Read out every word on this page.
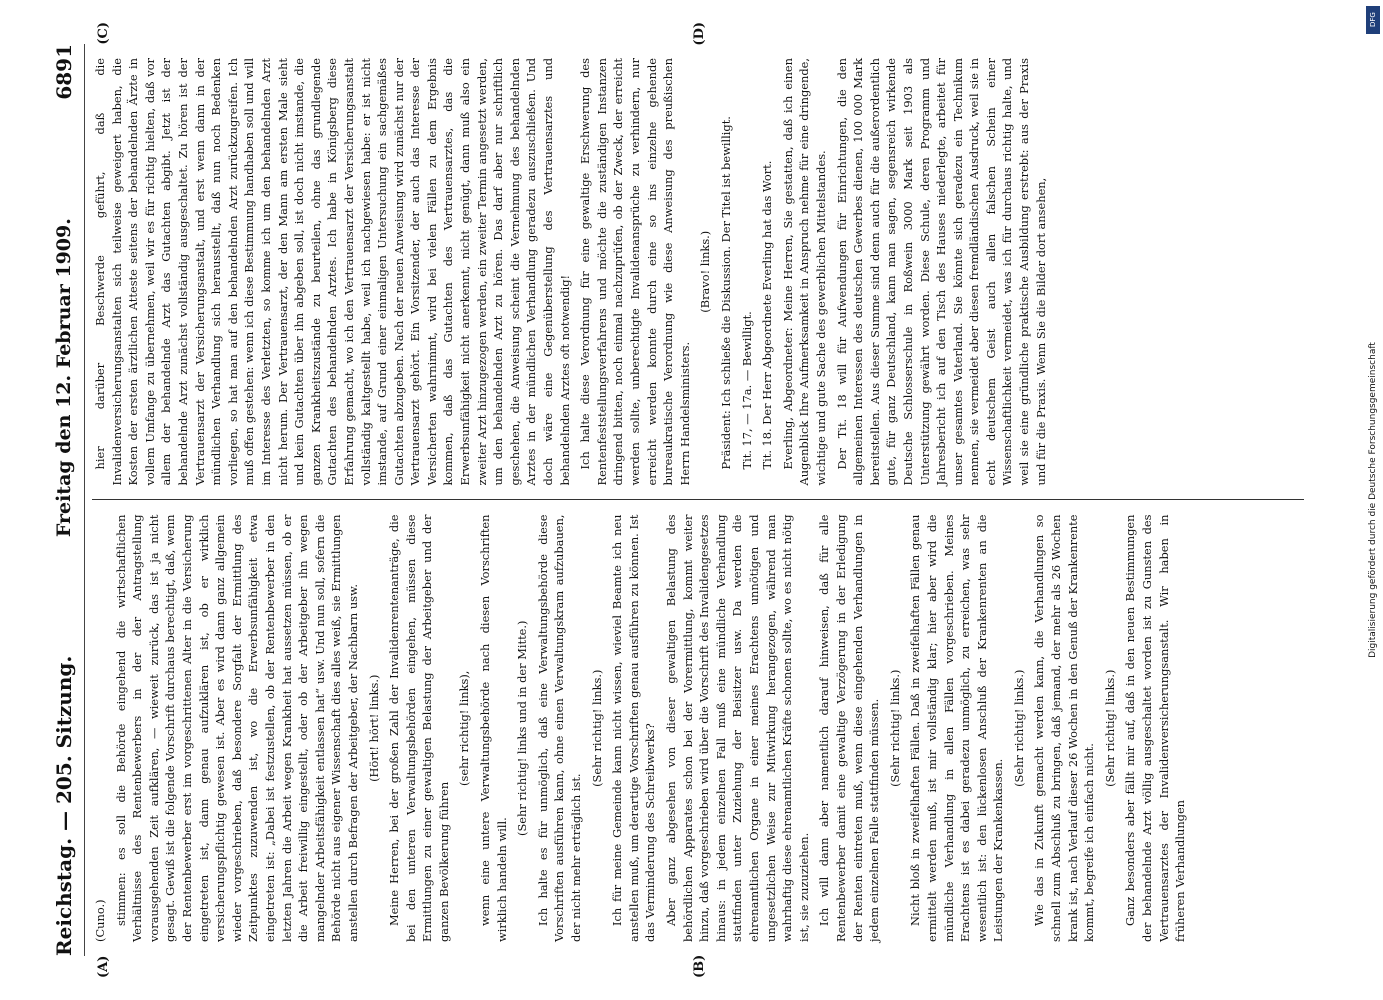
Reichstag. — 205. Sitzung.
Freitag den 12. Februar 1909.
6891
(A)	(B)

(Cuno.) stimmen: es soll die Behörde eingehend die wirtschaftlichen Verhältnisse des Rentenbewerbers in der der Antragstellung vorausgehenden Zeit aufklären, — wieweit zurück, das ist ja nicht gesagt. Gewiß ist die folgende Vorschrift durchaus berechtigt, daß, wenn der Rentenbewerber erst im vorgeschrittenen Alter in die Versicherung eingetreten ist, dann genau aufzuklären ist, ob er wirklich versicherungspflichtig gewesen ist. Aber es wird dann ganz allgemein wieder vorgeschrieben, daß besondere Sorgfalt der Ermittlung des Zeitpunktes zuzuwenden ist, wo die Erwerbsunfähigkeit etwa eingetreten ist: „Dabei ist festzustellen, ob der Rentenbewerber in den letzten Jahren die Arbeit wegen Krankheit hat aussetzen müssen, ob er die Arbeit freiwillig eingestellt, oder ob der Arbeitgeber ihn wegen mangelnder Arbeitsfähigkeit entlassen hat“ usw. Und nun soll, sofern die Behörde nicht aus eigener Wissenschaft dies alles weiß, sie Ermittlungen anstellen durch Befragen der Arbeitgeber, der Nachbarn usw. (Hört! hört! links.) Meine Herren, bei der großen Zahl der Invalidenrentenanträge, die bei den unteren Verwaltungsbehörden eingehen, müssen diese Ermittlungen zu einer gewaltigen Belastung der Arbeitgeber und der ganzen Bevölkerung führen

(sehr richtig! links), wenn eine untere Verwaltungsbehörde nach diesen Vorschriften wirklich handeln will.

(Sehr richtig! links und in der Mitte.) Ich halte es für unmöglich, daß eine Verwaltungsbehörde diese Vorschriften ausführen kann, ohne einen Verwaltungskram aufzubauen, der nicht mehr erträglich ist.

(Sehr richtig! links.) Ich für meine Gemeinde kann nicht wissen, wieviel Beamte ich neu anstellen muß, um derartige Vorschriften genau ausführen zu können. Ist das Verminderung des Schreibwerks? Aber ganz abgesehen von dieser gewaltigen Belastung des behördlichen Apparates schon bei der Vorermittlung, kommt weiter hinzu, daß vorgeschrieben wird über die Vorschrift des Invalidengesetzes hinaus: in jedem einzelnen Fall muß eine mündliche Verhandlung stattfinden unter Zuziehung der Beisitzer usw. Da werden die ehrenamtlichen Organe in einer meines Erachtens unnötigen und ungesetzlichen Weise zur Mitwirkung herangezogen, während man wahrhaftig diese ehrenamtlichen Kräfte schonen sollte, wo es nicht nötig ist, sie zuzuziehen. Ich will dann aber namentlich darauf hinweisen, daß für alle Rentenbewerber damit eine gewaltige Verzögerung in der Erledigung der Renten eintreten muß, wenn diese eingehenden Verhandlungen in jedem einzelnen Falle stattfinden müssen. (Sehr richtig! links.) Nicht bloß in zweifelhaften Fällen. Daß in zweifelhaften Fällen genau ermittelt werden muß, ist mir vollständig klar; hier aber wird die mündliche Verhandlung in allen Fällen vorgeschrieben. Meines Erachtens ist es dabei geradezu unmöglich, zu erreichen, was sehr wesentlich ist: den lückenlosen Anschluß der Krankenrenten an die Leistungen der Krankenkassen.

(Sehr richtig! links.) Wie das in Zukunft gemacht werden kann, die Verhandlungen so schnell zum Abschluß zu bringen, daß jemand, der mehr als 26 Wochen krank ist, nach Verlauf dieser 26 Wochen in den Genuß der Krankenrente kommt, begreife ich einfach nicht.

(Sehr richtig! links.) Ganz besonders aber fällt mir auf, daß in den neuen Bestimmungen der behandelnde Arzt völlig ausgeschaltet worden ist zu Gunsten des Vertrauensarztes der Invalidenversicherungsanstalt. Wir haben in früheren Verhandlungen

(C)	(D)

hier darüber Beschwerde geführt, daß die Invalidenversicherungsanstalten sich teilweise geweigert haben, die Kosten der ersten ärztlichen Atteste seitens der behandelnden Ärzte in vollem Umfange zu übernehmen, weil wir es für richtig hielten, daß vor allem der behandelnde Arzt das Gutachten abgibt. Jetzt ist der behandelnde Arzt zunächst vollständig ausgeschaltet. Zu hören ist der Vertrauensarzt der Versicherungsanstalt, und erst wenn dann in der mündlichen Verhandlung sich herausstellt, daß nun noch Bedenken vorliegen, so hat man auf den behandelnden Arzt zurückzugreifen. Ich muß offen gestehen: wenn ich diese Bestimmung handhaben soll und will im Interesse des Verletzten, so komme ich um den behandelnden Arzt nicht herum. Der Vertrauensarzt, der den Mann am ersten Male sieht und kein Gutachten über ihn abgeben soll, ist doch nicht imstande, die ganzen Krankheitszustände zu beurteilen, ohne das grundlegende Gutachten des behandelnden Arztes. Ich habe in Königsberg diese Erfahrung gemacht, wo ich den Vertrauensarzt der Versicherungsanstalt vollständig kaltgestellt habe, weil ich nachgewiesen habe: er ist nicht imstande, auf Grund einer einmaligen Untersuchung ein sachgemäßes Gutachten abzugeben. Nach der neuen Anweisung wird zunächst nur der Vertrauensarzt gehört. Ein Vorsitzender, der auch das Interesse der Versicherten wahrnimmt, wird bei vielen Fällen zu dem Ergebnis kommen, daß das Gutachten des Vertrauensarztes, das die Erwerbsunfähigkeit nicht anerkennt, nicht genügt, dann muß also ein zweiter Arzt hinzugezogen werden, ein zweiter Termin angesetzt werden, um den behandelnden Arzt zu hören. Das darf aber nur schriftlich geschehen, die Anweisung scheint die Vernehmung des behandelnden Arztes in der mündlichen Verhandlung geradezu auszuschließen. Und doch wäre eine Gegenüberstellung des Vertrauensarztes und behandelnden Arztes oft notwendig! Ich halte diese Verordnung für eine gewaltige Erschwerung des Rentenfeststellungsverfahrens und möchte die zuständigen Instanzen dringend bitten, noch einmal nachzuprüfen, ob der Zweck, der erreicht werden sollte, unberechtigte Invalidenansprüche zu verhindern, nur erreicht werden konnte durch eine so ins einzelne gehende bureaukratische Verordnung wie diese Anweisung des preußischen Herrn Handelsministers.

(Bravo! links.) Präsident: Ich schließe die Diskussion. Der Titel ist bewilligt. Tit. 17, — 17a. — Bewilligt. Tit. 18. Der Herr Abgeordnete Everling hat das Wort. Everling, Abgeordneter: Meine Herren, Sie gestatten, daß ich einen Augenblick Ihre Aufmerksamkeit in Anspruch nehme für eine dringende, wichtige und gute Sache des gewerblichen Mittelstandes. Der Tit. 18 will für Aufwendungen für Einrichtungen, die den allgemeinen Interessen des deutschen Gewerbes dienen, 100 000 Mark bereitstellen. Aus dieser Summe sind denn auch für die außerordentlich gute, für ganz Deutschland, kann man sagen, segensreich wirkende Deutsche Schlosserschule in Roßwein 3000 Mark seit 1903 als Unterstützung gewährt worden. Diese Schule, deren Programm und Jahresbericht ich auf den Tisch des Hauses niederlegte, arbeitet für unser gesamtes Vaterland. Sie könnte sich geradezu ein Technikum nennen, sie vermeidet aber diesen fremdländischen Ausdruck, weil sie in echt deutschem Geist auch allen falschen Schein einer Wissenschaftlichkeit vermeidet, was ich für durchaus richtig halte, und weil sie eine gründliche praktische Ausbildung erstrebt: aus der Praxis und für die Praxis. Wenn Sie die Bilder dort ansehen,

DFG
Digitalisierung gefördert durch die Deutsche Forschungsgemeinschaft
